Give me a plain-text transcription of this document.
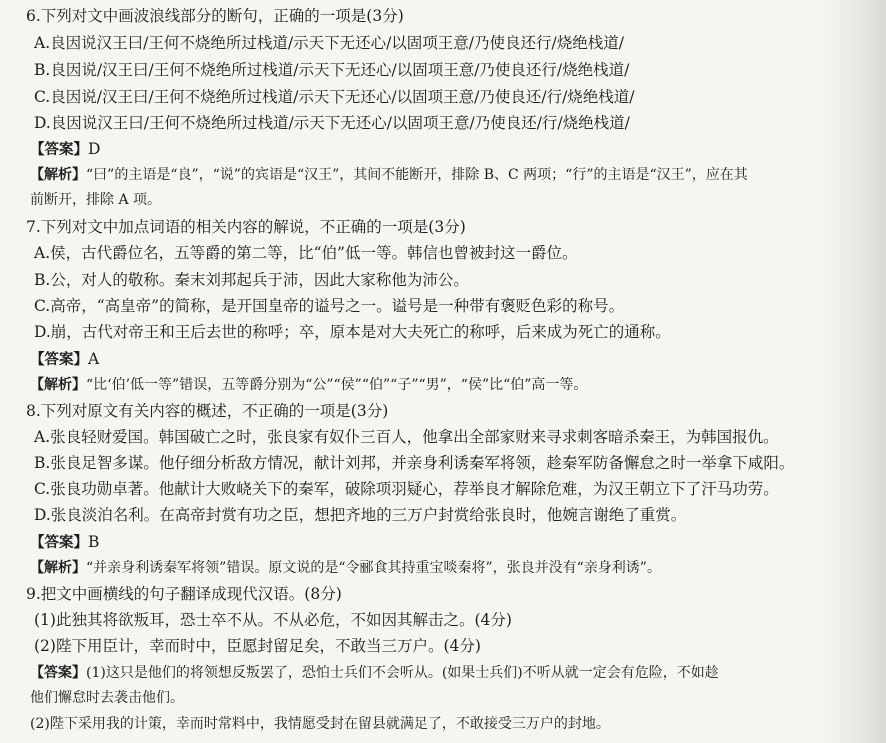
6.下列对文中画波浪线部分的断句，正确的一项是(3分)
A.良因说汉王曰/王何不烧绝所过栈道/示天下无还心/以固项王意/乃使良还行/烧绝栈道/
B.良因说/汉王曰/王何不烧绝所过栈道/示天下无还心/以固项王意/乃使良还行/烧绝栈道/
C.良因说/汉王曰/王何不烧绝所过栈道/示天下无还心/以固项王意/乃使良还/行/烧绝栈道/
D.良因说汉王曰/王何不烧绝所过栈道/示天下无还心/以固项王意/乃使良还/行/烧绝栈道/
【答案】D
【解析】“曰”的主语是“良”，“说”的宾语是“汉王”，其间不能断开，排除 B、C 两项；“行”的主语是“汉王”，应在其
前断开，排除 A 项。
7.下列对文中加点词语的相关内容的解说，不正确的一项是(3分)
A.侯，古代爵位名，五等爵的第二等，比“伯”低一等。韩信也曾被封这一爵位。
B.公，对人的敬称。秦末刘邦起兵于沛，因此大家称他为沛公。
C.高帝，“高皇帝”的简称，是开国皇帝的谥号之一。谥号是一种带有褒贬色彩的称号。
D.崩，古代对帝王和王后去世的称呼；卒，原本是对大夫死亡的称呼，后来成为死亡的通称。
【答案】A
【解析】“比‘伯’低一等”错误，五等爵分别为“公”“侯”“伯”“子”“男”，“侯”比“伯”高一等。
8.下列对原文有关内容的概述，不正确的一项是(3分)
A.张良轻财爱国。韩国破亡之时，张良家有奴仆三百人，他拿出全部家财来寻求刺客暗杀秦王，为韩国报仇。
B.张良足智多谋。他仔细分析敌方情况，献计刘邦，并亲身利诱秦军将领，趁秦军防备懈怠之时一举拿下咸阳。
C.张良功勋卓著。他献计大败峣关下的秦军，破除项羽疑心，荐举良才解除危难，为汉王朝立下了汗马功劳。
D.张良淡泊名利。在高帝封赏有功之臣，想把齐地的三万户封赏给张良时，他婉言谢绝了重赏。
【答案】B
【解析】“并亲身利诱秦军将领”错误。原文说的是“令郦食其持重宝啖秦将”，张良并没有“亲身利诱”。
9.把文中画横线的句子翻译成现代汉语。(8分)
(1)此独其将欲叛耳，恐士卒不从。不从必危，不如因其解击之。(4分)
(2)陛下用臣计，幸而时中，臣愿封留足矣，不敢当三万户。(4分)
【答案】(1)这只是他们的将领想反叛罢了，恐怕士兵们不会听从。(如果士兵们)不听从就一定会有危险，不如趁
他们懈怠时去袭击他们。
(2)陛下采用我的计策，幸而时常料中，我情愿受封在留县就满足了，不敢接受三万户的封地。
